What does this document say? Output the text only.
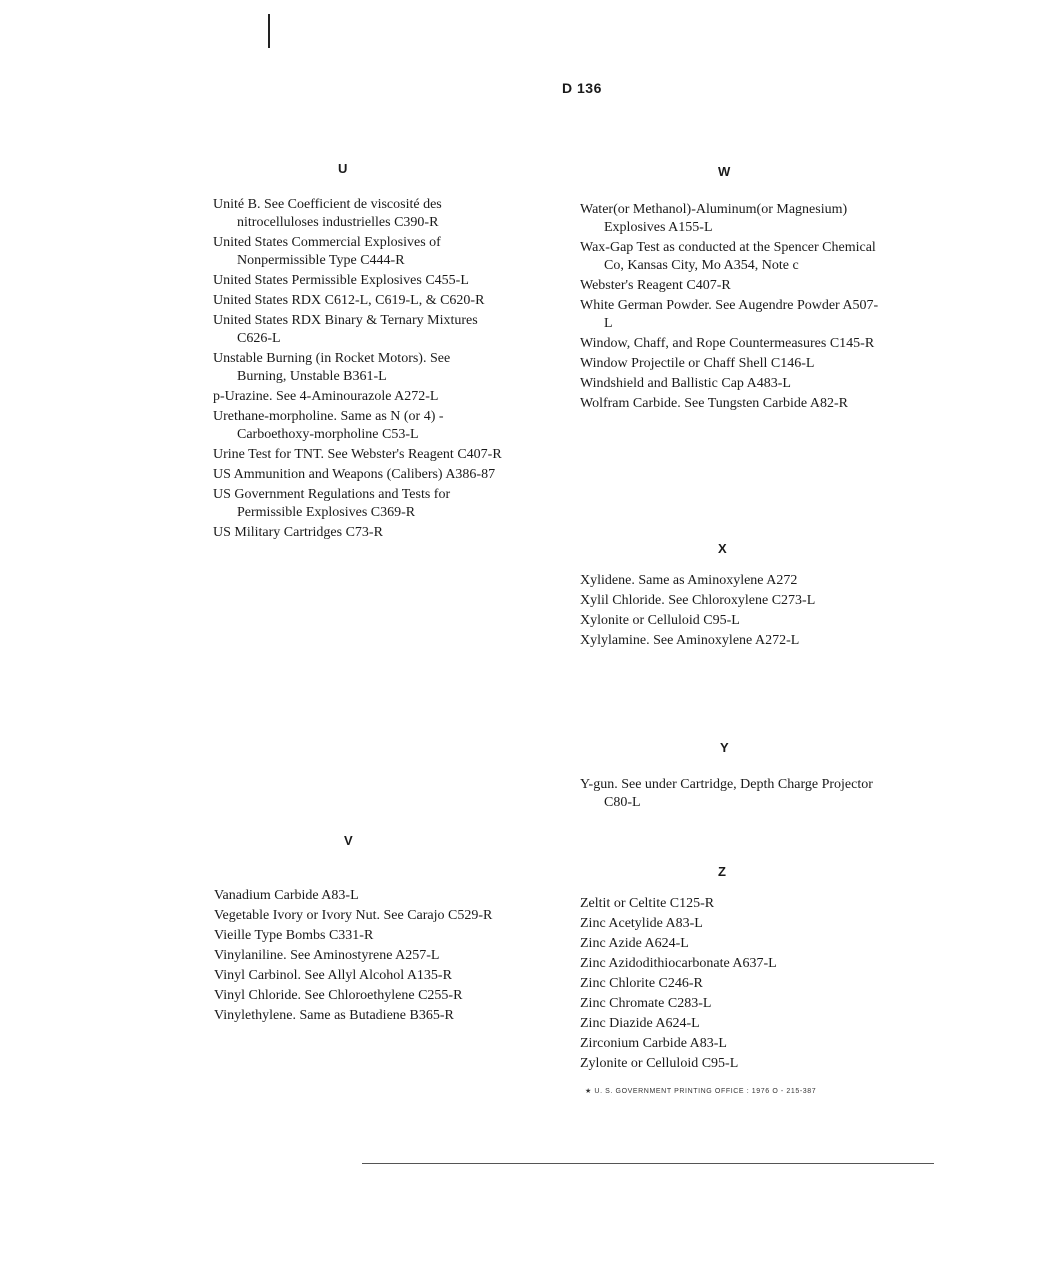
D 136
U
Unité B. See Coefficient de viscosité des nitrocelluloses industrielles C390-R
United States Commercial Explosives of Nonpermissible Type C444-R
United States Permissible Explosives C455-L
United States RDX C612-L, C619-L, & C620-R
United States RDX Binary & Ternary Mixtures C626-L
Unstable Burning (in Rocket Motors). See Burning, Unstable B361-L
p-Urazine. See 4-Aminourazole A272-L
Urethane-morpholine. Same as N (or 4) -Carboethoxy-morpholine C53-L
Urine Test for TNT. See Webster's Reagent C407-R
US Ammunition and Weapons (Calibers) A386-87
US Government Regulations and Tests for Permissible Explosives C369-R
US Military Cartridges C73-R
V
Vanadium Carbide A83-L
Vegetable Ivory or Ivory Nut. See Carajo C529-R
Vieille Type Bombs C331-R
Vinylaniline. See Aminostyrene A257-L
Vinyl Carbinol. See Allyl Alcohol A135-R
Vinyl Chloride. See Chloroethylene C255-R
Vinylethylene. Same as Butadiene B365-R
W
Water(or Methanol)-Aluminum(or Magnesium) Explosives A155-L
Wax-Gap Test as conducted at the Spencer Chemical Co, Kansas City, Mo A354, Note c
Webster's Reagent C407-R
White German Powder. See Augendre Powder A507-L
Window, Chaff, and Rope Countermeasures C145-R
Window Projectile or Chaff Shell C146-L
Windshield and Ballistic Cap A483-L
Wolfram Carbide. See Tungsten Carbide A82-R
X
Xylidene. Same as Aminoxylene A272
Xylil Chloride. See Chloroxylene C273-L
Xylonite or Celluloid C95-L
Xylylamine. See Aminoxylene A272-L
Y
Y-gun. See under Cartridge, Depth Charge Projector C80-L
Z
Zeltit or Celtite C125-R
Zinc Acetylide A83-L
Zinc Azide A624-L
Zinc Azidodithiocarbonate A637-L
Zinc Chlorite C246-R
Zinc Chromate C283-L
Zinc Diazide A624-L
Zirconium Carbide A83-L
Zylonite or Celluloid C95-L
★ U. S. GOVERNMENT PRINTING OFFICE : 1976 O - 215-387
